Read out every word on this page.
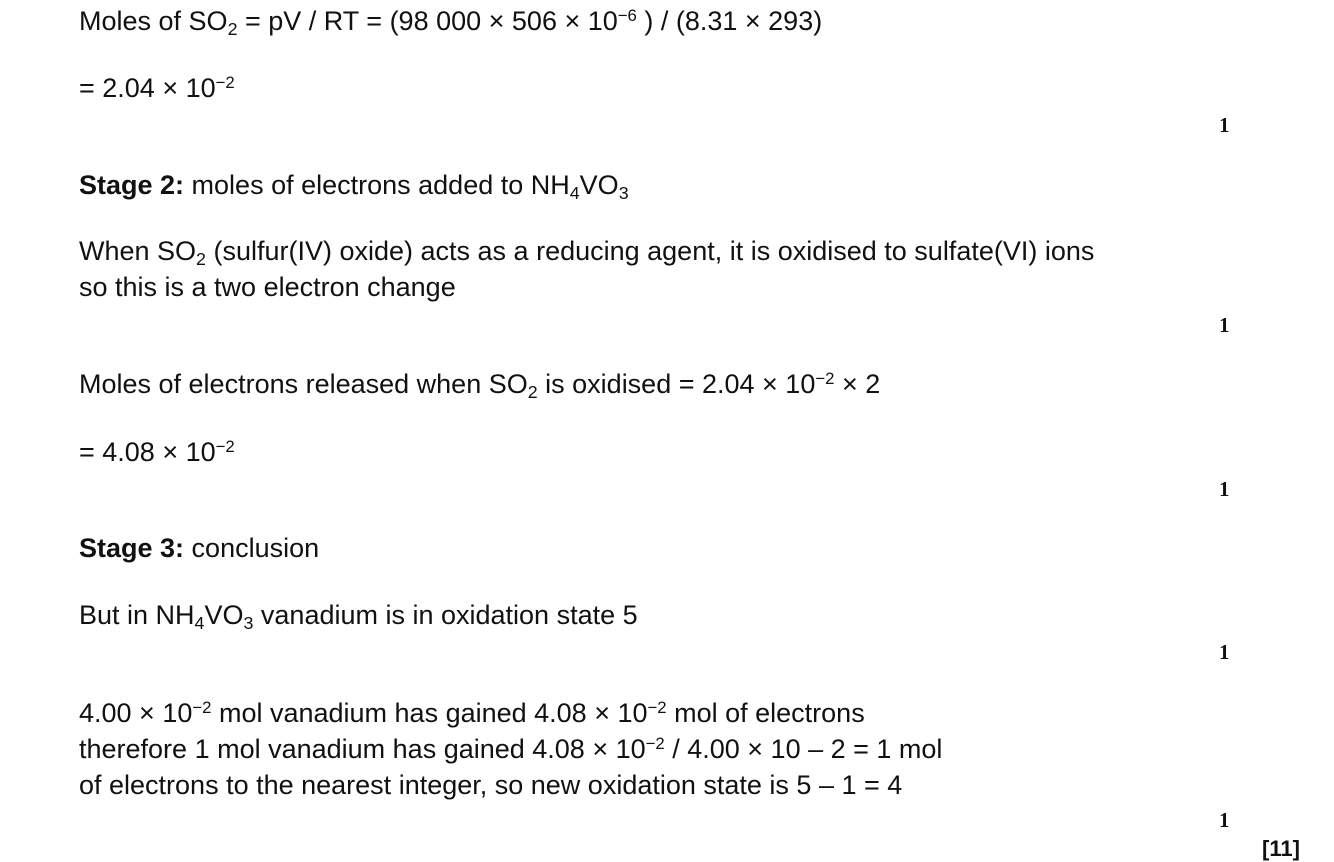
Moles of $SO_2$ = pV / RT = (98 $000 \times 506 \times 10^{-6}$ ) / (8.31 × 293)
= $2.04 \times 10^{-2}$
1
Stage 2: moles of electrons added to $NH_4VO_3$
When $SO_2$ (sulfur(IV) oxide) acts as a reducing agent, it is oxidised to sulfate(VI) ions
so this is a two electron change
1
Moles of electrons released when $SO_2$ is oxidised = $2.04 \times 10^{-2} \times 2$
= $4.08 \times 10^{-2}$
1
Stage 3: conclusion
But in $NH_4VO_3$ vanadium is in oxidation state 5
1
$4.00 \times 10^{-2}$ mol vanadium has gained $4.08 \times 10^{-2}$ mol of electrons
therefore 1 mol vanadium has gained $4.08 \times 10^{-2} / 4.00 \times 10 - 2 = 1$ mol
of electrons to the nearest integer, so new oxidation state is 5 – 1 = 4
1
[11]
